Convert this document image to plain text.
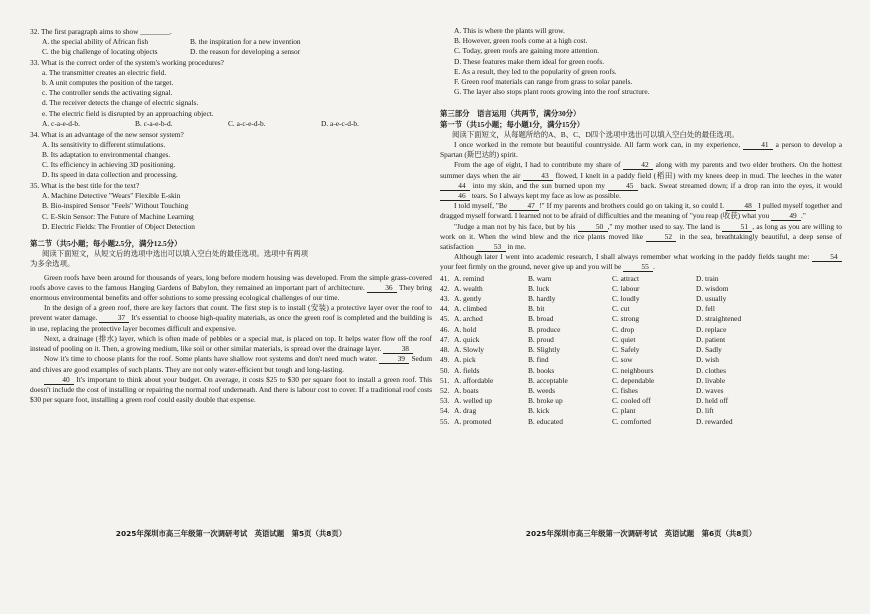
32. The first paragraph aims to show ________.
A. the special ability of African fish	B. the inspiration for a new invention
C. the big challenge of locating objects	D. the reason for developing a sensor
33. What is the correct order of the system's working procedures?
a. The transmitter creates an electric field.
b. A unit computes the position of the target.
c. The controller sends the activating signal.
d. The receiver detects the change of electric signals.
e. The electric field is disrupted by an approaching object.
A. c-a-e-d-b.	B. c-a-e-b-d.	C. a-c-e-d-b.	D. a-e-c-d-b.
34. What is an advantage of the new sensor system?
A. Its sensitivity to different stimulations.
B. Its adaptation to environmental changes.
C. Its efficiency in achieving 3D positioning.
D. Its speed in data collection and processing.
35. What is the best title for the text?
A. Machine Detective "Wears" Flexible E-skin
B. Bio-inspired Sensor "Feels" Without Touching
C. E-Skin Sensor: The Future of Machine Learning
D. Electric Fields: The Frontier of Object Detection
第二节（共5小题；每小题2.5分，满分12.5分）
阅读下面短文，从短文后的选项中选出可以填入空白处的最佳选项。选项中有两项
为多余选项。

Green roofs have been around for thousands of years, long before modern housing was developed. From the simple grass-covered roofs above caves to the famous Hanging Gardens of Babylon, they remained an important part of architecture. 36 They bring enormous environmental benefits and offer solutions to some pressing ecological challenges of our time.

In the design of a green roof, there are key factors that count. The first step is to install (安装) a protective layer over the roof to prevent water damage. 37 It's essential to choose high-quality materials, as once the green roof is completed and the building is in use, replacing the protective layer becomes difficult and expensive.

Next, a drainage (排水) layer, which is often made of pebbles or a special mat, is placed on top. It helps water flow off the roof instead of pooling on it. Then, a growing medium, like soil or other similar materials, is spread over the drainage layer. 38

Now it's time to choose plants for the roof. Some plants have shallow root systems and don't need much water. 39 Sedum and chives are good examples of such plants. They are not only water-efficient but tough and long-lasting.

40 It's important to think about your budget. On average, it costs $25 to $30 per square foot to install a green roof. This doesn't include the cost of installing or repairing the normal roof underneath. And there is labour cost to cover. If a traditional roof costs $30 per square foot, installing a green roof could easily double that expense.

2025年深圳市高三年级第一次调研考试　英语试题　第5页（共8页）
A. This is where the plants will grow.
B. However, green roofs come at a high cost.
C. Today, green roofs are gaining more attention.
D. These features make them ideal for green roofs.
E. As a result, they led to the popularity of green roofs.
F. Green roof materials can range from grass to solar panels.
G. The layer also stops plant roots growing into the roof structure.
第三部分　语言运用（共两节，满分30分）
第一节（共15小题；每小题1分，满分15分）
阅读下面短文，从每题所给的A、B、C、D四个选项中选出可以填入空白处的最佳选项。

I once worked in the remote but beautiful countryside. All farm work can, in my experience, 41 a person to develop a Spartan (斯巴达的) spirit.

From the age of eight, I had to contribute my share of 42 along with my parents and two elder brothers. On the hottest summer days when the air 43 flowed, I knelt in a paddy field (稻田) with my knees deep in mud. The leeches in the water 44 into my skin, and the sun burned upon my 45 back. Sweat streamed down; if a drop ran into the eyes, it would 46 tears. So I always kept my face as low as possible.

I told myself, "Be 47 !" If my parents and brothers could go on taking it, so could I. 48 I pulled myself together and dragged myself forward. I learned not to be afraid of difficulties and the meaning of "you reap (收获) what you 49 ."

"Judge a man not by his face, but by his 50 ," my mother used to say. The land is 51 , as long as you are willing to work on it. When the wind blew and the rice plants moved like 52 in the sea, breathtakingly beautiful, a deep sense of satisfaction 53 in me.

Although later I went into academic research, I shall always remember what working in the paddy fields taught me: 54 your feet firmly on the ground, never give up and you will be 55 .

41. A. remind	B. warn	C. attract	D. train
42. A. wealth	B. luck	C. labour	D. wisdom
43. A. gently	B. hardly	C. loudly	D. usually
44. A. climbed	B. bit	C. cut	D. fell
45. A. arched	B. broad	C. strong	D. straightened
46. A. hold	B. produce	C. drop	D. replace
47. A. quick	B. proud	C. quiet	D. patient
48. A. Slowly	B. Slightly	C. Safely	D. Sadly
49. A. pick	B. find	C. sow	D. wish
50. A. fields	B. books	C. neighbours	D. clothes
51. A. affordable	B. acceptable	C. dependable	D. livable
52. A. boats	B. weeds	C. fishes	D. waves
53. A. welled up	B. broke up	C. cooled off	D. held off
54. A. drag	B. kick	C. plant	D. lift
55. A. promoted	B. educated	C. comforted	D. rewarded
2025年深圳市高三年级第一次调研考试　英语试题　第6页（共8页）
